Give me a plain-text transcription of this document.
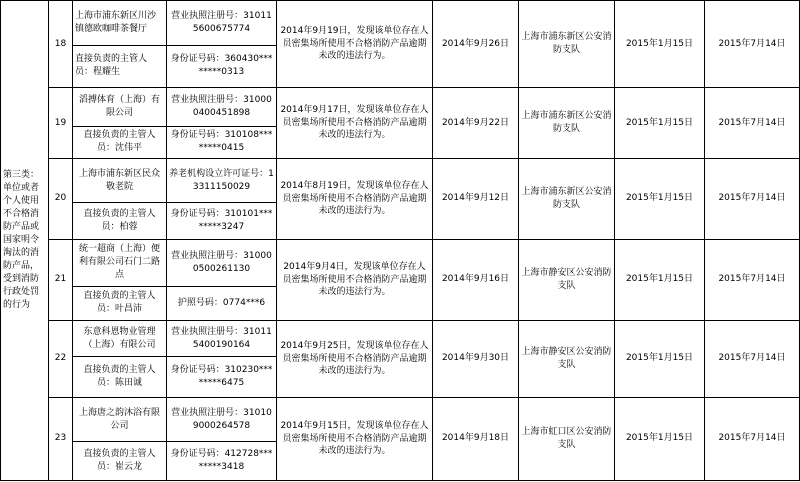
第三类：单位或者个人使用不合格消防产品或国家明令淘汰的消防产品，受到消防行政处罚的行为	18	上海市浦东新区川沙镇德欧咖啡茶餐厅	营业执照注册号：310115600675774	2014年9月19日，发现该单位存在人员密集场所使用不合格消防产品逾期未改的违法行为。	2014年9月26日	上海市浦东新区公安消防支队	2015年1月15日	2015年7月14日
		直接负责的主管人员：程耀生	身份证号码：360430********0313					
	19	滔搏体育（上海）有限公司	营业执照注册号：310000400451898	2014年9月17日，发现该单位存在人员密集场所使用不合格消防产品逾期未改的违法行为。	2014年9月22日	上海市浦东新区公安消防支队	2015年1月15日	2015年7月14日
		直接负责的主管人员：沈伟平	身份证号码：310108********0415					
	20	上海市浦东新区民众敬老院	养老机构设立许可证号：13311150029	2014年8月19日，发现该单位存在人员密集场所使用不合格消防产品逾期未改的违法行为。	2014年9月12日	上海市浦东新区公安消防支队	2015年1月15日	2015年7月14日
		直接负责的主管人员：柏蓉	身份证号码：310101********3247					
	21	统一超商（上海）便利有限公司石门二路点	营业执照注册号：310000500261130	2014年9月4日，发现该单位存在人员密集场所使用不合格消防产品逾期未改的违法行为。	2014年9月16日	上海市静安区公安消防支队	2015年1月15日	2015年7月14日
		直接负责的主管人员：叶昌沛	护照号码：0774***6					
	22	东意科恩物业管理（上海）有限公司	营业执照注册号：310115400190164	2014年9月25日，发现该单位存在人员密集场所使用不合格消防产品逾期未改的违法行为。	2014年9月30日	上海市静安区公安消防支队	2015年1月15日	2015年7月14日
		直接负责的主管人员：陈田诚	身份证号码：310230********6475					
	23	上海唐之韵沐浴有限公司	营业执照注册号：310109000264578	2014年9月15日，发现该单位存在人员密集场所使用不合格消防产品逾期未改的违法行为。	2014年9月18日	上海市虹口区公安消防支队	2015年1月15日	2015年7月14日
		直接负责的主管人员：崔云龙	身份证号码：412728********3418					
